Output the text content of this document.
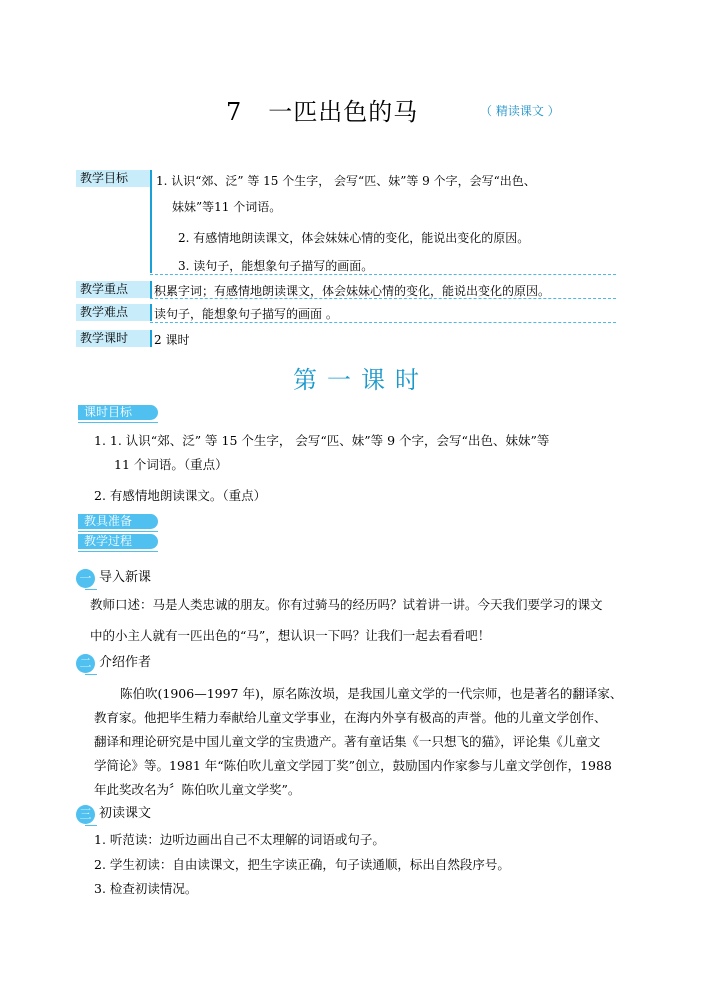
7 一匹出色的马	（ 精读课文 ）
教学目标	1. 认识“郊、泛” 等 15 个生字， 会写“匹、妹”等 9 个字，会写“出色、
妹妹”等11 个词语。
2. 有感情地朗读课文，体会妹妹心情的变化，能说出变化的原因。
3. 读句子，能想象句子描写的画面。
教学重点	积累字词；有感情地朗读课文，体会妹妹心情的变化，能说出变化的原因。
教学难点	读句子，能想象句子描写的画面 。
教学课时	2 课时
第一课时
课时目标
1. 1. 认识“郊、泛” 等 15 个生字， 会写“匹、妹”等 9 个字，会写“出色、妹妹”等
11 个词语。（重点）
2. 有感情地朗读课文。（重点）
教具准备
教学过程
一 导入新课
教师口述：马是人类忠诚的朋友。你有过骑马的经历吗？试着讲一讲。今天我们要学习的课文
中的小主人就有一匹出色的“马”，想认识一下吗？让我们一起去看看吧！
二 介绍作者
陈伯吹(1906—1997 年)，原名陈汝埙，是我国儿童文学的一代宗师，也是著名的翻译家、
教育家。他把毕生精力奉献给儿童文学事业，在海内外享有极高的声誉。他的儿童文学创作、
翻译和理论研究是中国儿童文学的宝贵遗产。著有童话集《一只想飞的猫》，评论集《儿童文
学简论》等。1981 年“陈伯吹儿童文学园丁奖”创立，鼓励国内作家参与儿童文学创作，1988
年此奖改名为〞陈伯吹儿童文学奖”。
三 初读课文
1. 听范读：边听边画出自己不太理解的词语或句子。
2. 学生初读：自由读课文，把生字读正确，句子读通顺，标出自然段序号。
3. 检查初读情况。
